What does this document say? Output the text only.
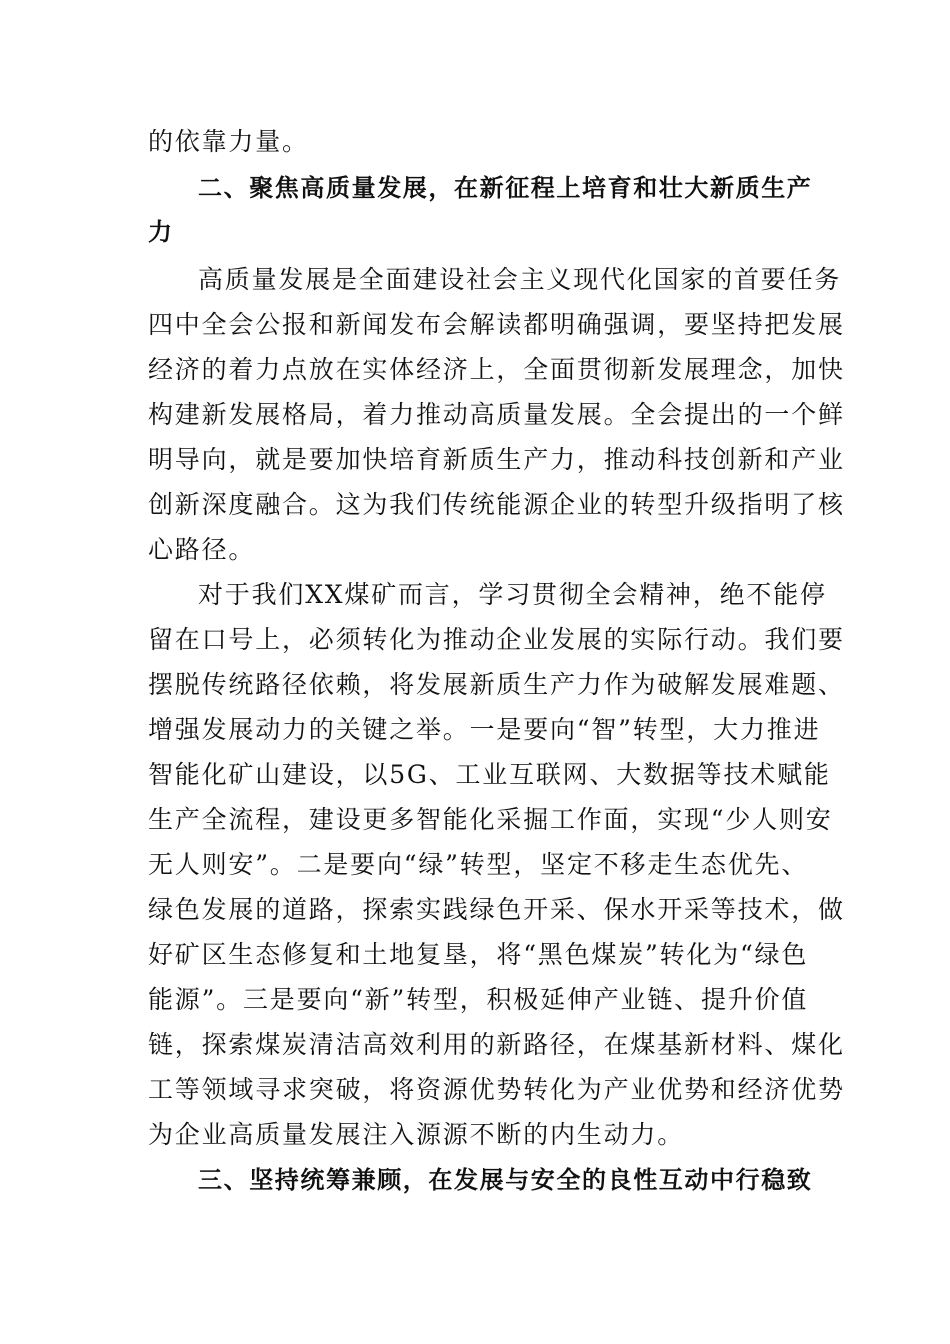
的依靠力量。
二、聚焦高质量发展，在新征程上培育和壮大新质生产
力
高质量发展是全面建设社会主义现代化国家的首要任务
四中全会公报和新闻发布会解读都明确强调，要坚持把发展
经济的着力点放在实体经济上，全面贯彻新发展理念，加快
构建新发展格局，着力推动高质量发展。全会提出的一个鲜
明导向，就是要加快培育新质生产力，推动科技创新和产业
创新深度融合。这为我们传统能源企业的转型升级指明了核
心路径。
对于我们XX煤矿而言，学习贯彻全会精神，绝不能停
留在口号上，必须转化为推动企业发展的实际行动。我们要
摆脱传统路径依赖，将发展新质生产力作为破解发展难题、
增强发展动力的关键之举。一是要向“智”转型，大力推进
智能化矿山建设，以5G、工业互联网、大数据等技术赋能
生产全流程，建设更多智能化采掘工作面，实现“少人则安
无人则安”。二是要向“绿”转型，坚定不移走生态优先、
绿色发展的道路，探索实践绿色开采、保水开采等技术，做
好矿区生态修复和土地复垦，将“黑色煤炭”转化为“绿色
能源”。三是要向“新”转型，积极延伸产业链、提升价值
链，探索煤炭清洁高效利用的新路径，在煤基新材料、煤化
工等领域寻求突破，将资源优势转化为产业优势和经济优势
为企业高质量发展注入源源不断的内生动力。
三、坚持统筹兼顾，在发展与安全的良性互动中行稳致
